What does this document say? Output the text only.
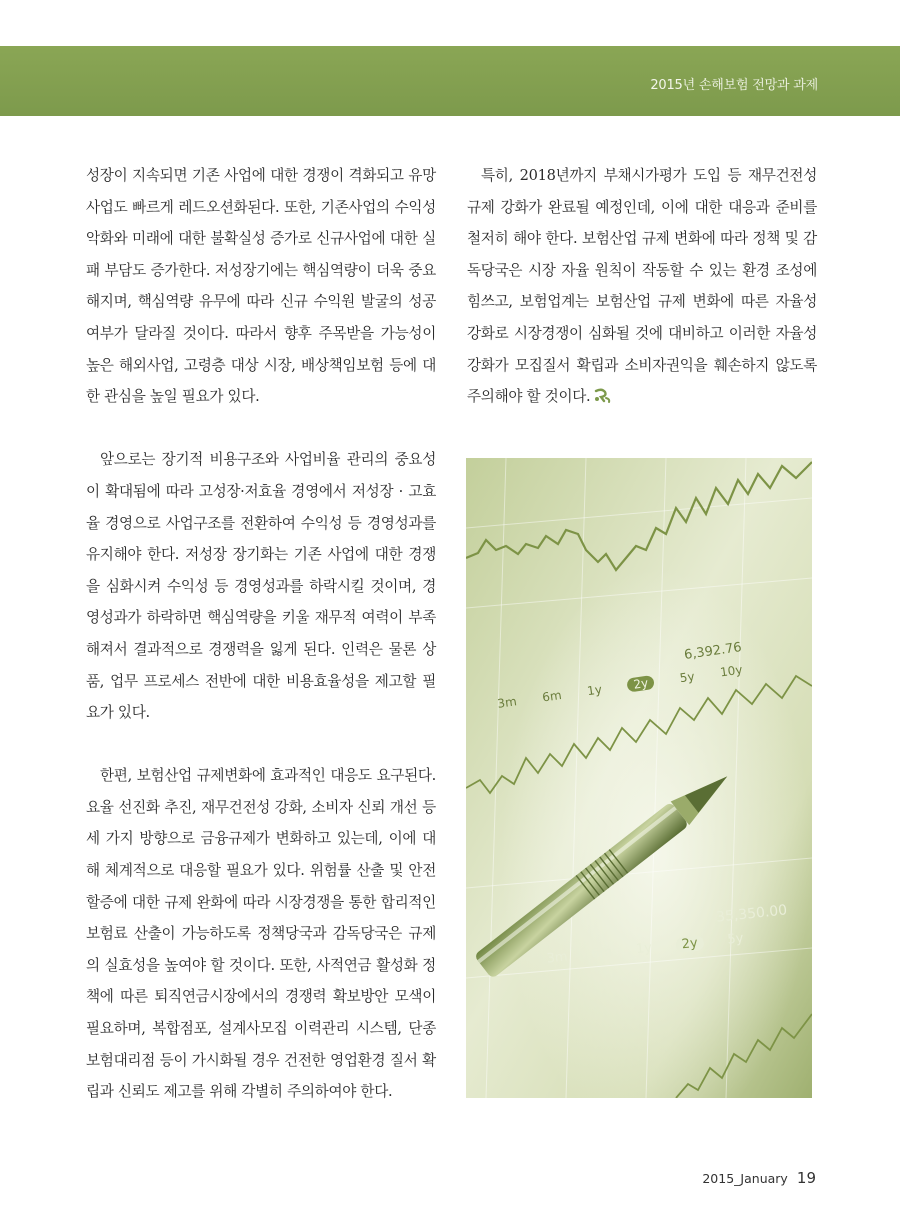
2015년 손해보험 전망과 과제

성장이 지속되면 기존 사업에 대한 경쟁이 격화되고 유망 사업도 빠르게 레드오션화된다. 또한, 기존사업의 수익성 악화와 미래에 대한 불확실성 증가로 신규사업에 대한 실패 부담도 증가한다. 저성장기에는 핵심역량이 더욱 중요해지며, 핵심역량 유무에 따라 신규 수익원 발굴의 성공여부가 달라질 것이다. 따라서 향후 주목받을 가능성이 높은 해외사업, 고령층 대상 시장, 배상책임보험 등에 대한 관심을 높일 필요가 있다.

앞으로는 장기적 비용구조와 사업비율 관리의 중요성이 확대됨에 따라 고성장·저효율 경영에서 저성장 · 고효율 경영으로 사업구조를 전환하여 수익성 등 경영성과를 유지해야 한다. 저성장 장기화는 기존 사업에 대한 경쟁을 심화시켜 수익성 등 경영성과를 하락시킬 것이며, 경영성과가 하락하면 핵심역량을 키울 재무적 여력이 부족해져서 결과적으로 경쟁력을 잃게 된다. 인력은 물론 상품, 업무 프로세스 전반에 대한 비용효율성을 제고할 필요가 있다.

한편, 보험산업 규제변화에 효과적인 대응도 요구된다. 요율 선진화 추진, 재무건전성 강화, 소비자 신뢰 개선 등 세 가지 방향으로 금융규제가 변화하고 있는데, 이에 대해 체계적으로 대응할 필요가 있다. 위험률 산출 및 안전할증에 대한 규제 완화에 따라 시장경쟁을 통한 합리적인 보험료 산출이 가능하도록 정책당국과 감독당국은 규제의 실효성을 높여야 할 것이다. 또한, 사적연금 활성화 정책에 따른 퇴직연금시장에서의 경쟁력 확보방안 모색이 필요하며, 복합점포, 설계사모집 이력관리 시스템, 단종 보험대리점 등이 가시화될 경우 건전한 영업환경 질서 확립과 신뢰도 제고를 위해 각별히 주의하여야 한다.

특히, 2018년까지 부채시가평가 도입 등 재무건전성 규제 강화가 완료될 예정인데, 이에 대한 대응과 준비를 철저히 해야 한다. 보험산업 규제 변화에 따라 정책 및 감독당국은 시장 자율 원칙이 작동할 수 있는 환경 조성에 힘쓰고, 보험업계는 보험산업 규제 변화에 따른 자율성 강화로 시장경쟁이 심화될 것에 대비하고 이러한 자율성 강화가 모집질서 확립과 소비자권익을 훼손하지 않도록 주의해야 할 것이다.

6,392.76
3m 6m 1y	2y	5y 10y
35,350.00
3m 6m 1y	2y	5y
2015_January 19
